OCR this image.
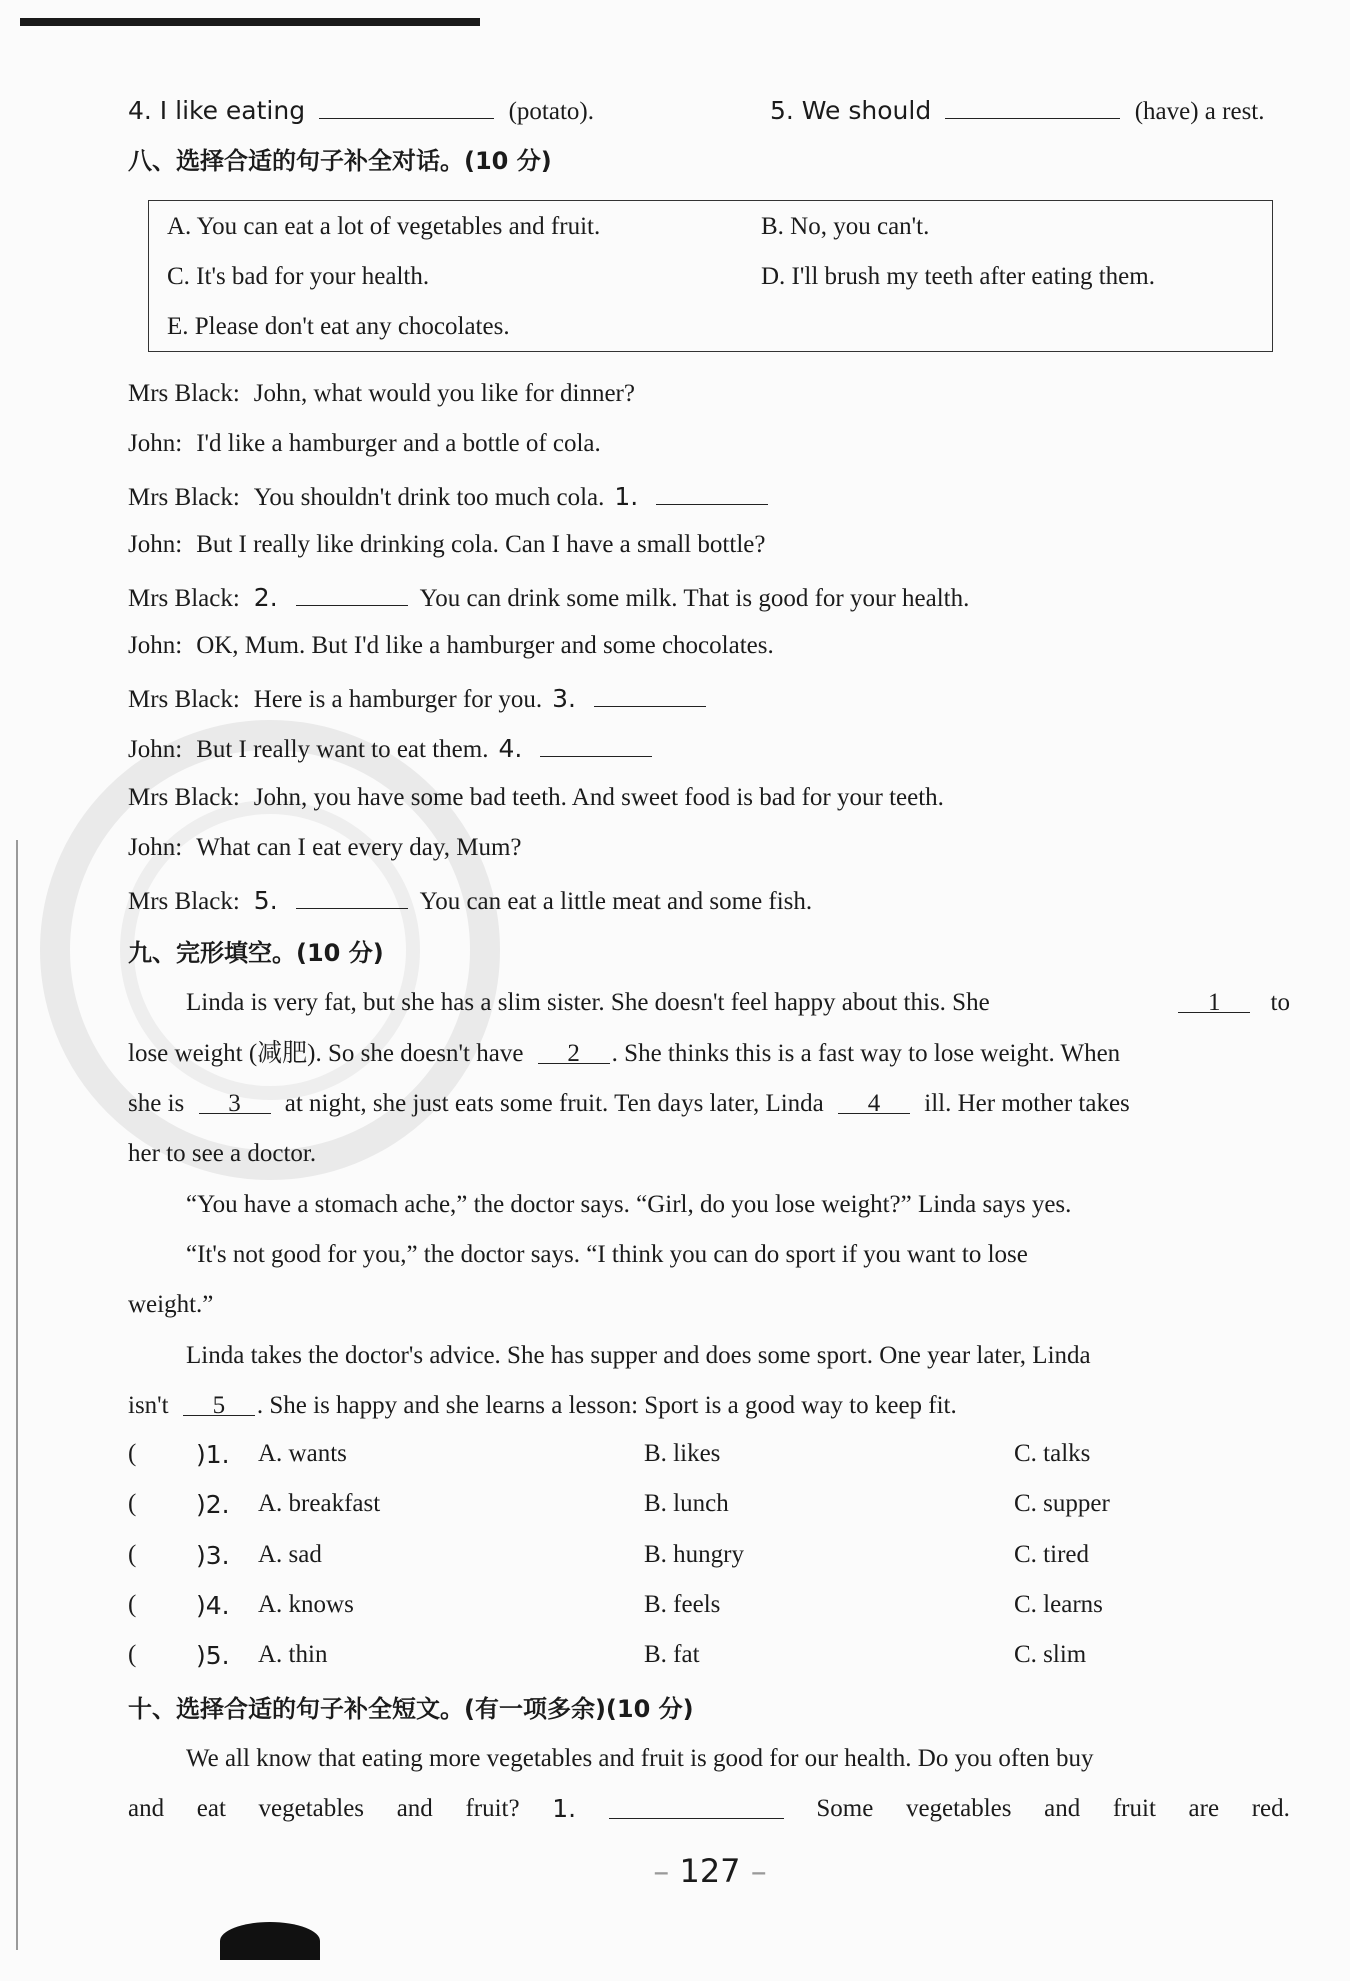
4. I like eating	(potato).	5. We should	(have) a rest.
八、选择合适的句子补全对话。(10 分)
A. You can eat a lot of vegetables and fruit.	B. No, you can't.
C. It's bad for your health.	D. I'll brush my teeth after eating them.
E. Please don't eat any chocolates.
Mrs Black: John, what would you like for dinner?
John: I'd like a hamburger and a bottle of cola.
Mrs Black: You shouldn't drink too much cola. 1.
John: But I really like drinking cola. Can I have a small bottle?
Mrs Black: 2.	You can drink some milk. That is good for your health.
John: OK, Mum. But I'd like a hamburger and some chocolates.
Mrs Black: Here is a hamburger for you. 3.
John: But I really want to eat them. 4.
Mrs Black: John, you have some bad teeth. And sweet food is bad for your teeth.
John: What can I eat every day, Mum?
Mrs Black: 5.	You can eat a little meat and some fish.
九、完形填空。(10 分)
Linda is very fat, but she has a slim sister. She doesn't feel happy about this. She	1 to
lose weight (减肥). So she doesn't have 2 . She thinks this is a fast way to lose weight. When
she is 3 at night, she just eats some fruit. Ten days later, Linda 4 ill. Her mother takes
her to see a doctor.
“You have a stomach ache,” the doctor says. “Girl, do you lose weight?” Linda says yes.
“It's not good for you,” the doctor says. “I think you can do sport if you want to lose
weight.”
Linda takes the doctor's advice. She has supper and does some sport. One year later, Linda
isn't 5 . She is happy and she learns a lesson: Sport is a good way to keep fit.
( )1. A. wants	B. likes	C. talks
( )2. A. breakfast	B. lunch	C. supper
( )3. A. sad	B. hungry	C. tired
( )4. A. knows	B. feels	C. learns
( )5. A. thin	B. fat	C. slim
十、选择合适的句子补全短文。(有一项多余)(10 分)
We all know that eating more vegetables and fruit is good for our health. Do you often buy
and eat vegetables and fruit? 1.	Some vegetables and fruit are red.
– 127 –
